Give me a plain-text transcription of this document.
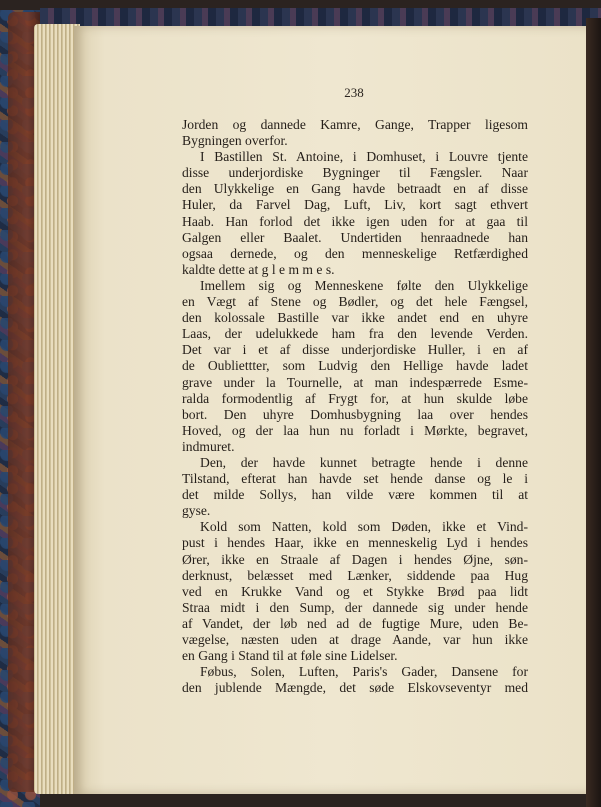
238
Jorden og dannede Kamre, Gange, Trapper ligesom
Bygningen overfor.
I Bastillen St. Antoine, i Domhuset, i Louvre tjente
disse underjordiske Bygninger til Fængsler. Naar
den Ulykkelige en Gang havde betraadt en af disse
Huler, da Farvel Dag, Luft, Liv, kort sagt ethvert
Haab. Han forlod det ikke igen uden for at gaa til
Galgen eller Baalet. Undertiden henraadnede han
ogsaa dernede, og den menneskelige Retfærdighed
kaldte dette at g l e m m e s.
Imellem sig og Menneskene følte den Ulykkelige
en Vægt af Stene og Bødler, og det hele Fængsel,
den kolossale Bastille var ikke andet end en uhyre
Laas, der udelukkede ham fra den levende Verden.
Det var i et af disse underjordiske Huller, i en af
de Oubliettter, som Ludvig den Hellige havde ladet
grave under la Tournelle, at man indespærrede Esme-
ralda formodentlig af Frygt for, at hun skulde løbe
bort. Den uhyre Domhusbygning laa over hendes
Hoved, og der laa hun nu forladt i Mørkte, begravet,
indmuret.
Den, der havde kunnet betragte hende i denne
Tilstand, efterat han havde set hende danse og le i
det milde Sollys, han vilde være kommen til at
gyse.
Kold som Natten, kold som Døden, ikke et Vind-
pust i hendes Haar, ikke en menneskelig Lyd i hendes
Ører, ikke en Straale af Dagen i hendes Øjne, søn-
derknust, belæsset med Lænker, siddende paa Hug
ved en Krukke Vand og et Stykke Brød paa lidt
Straa midt i den Sump, der dannede sig under hende
af Vandet, der løb ned ad de fugtige Mure, uden Be-
vægelse, næsten uden at drage Aande, var hun ikke
en Gang i Stand til at føle sine Lidelser.
Føbus, Solen, Luften, Paris's Gader, Dansene for
den jublende Mængde, det søde Elskovseventyr med
